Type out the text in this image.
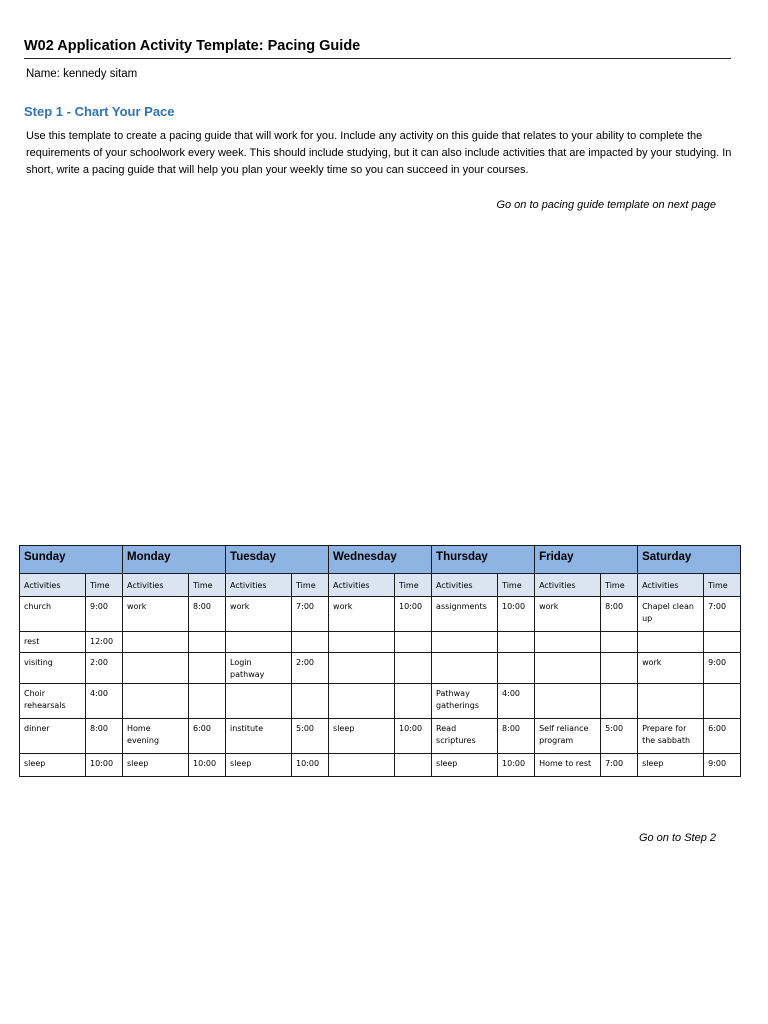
W02 Application Activity Template: Pacing Guide
Name: kennedy sitam
Step 1 - Chart Your Pace
Use this template to create a pacing guide that will work for you. Include any activity on this guide that relates to your ability to complete the requirements of your schoolwork every week. This should include studying, but it can also include activities that are impacted by your studying. In short, write a pacing guide that will help you plan your weekly time so you can succeed in your courses.
Go on to pacing guide template on next page
Sunday		Monday		Tuesday		Wednesday		Thursday		Friday		Saturday	
Activities	Time	Activities	Time	Activities	Time	Activities	Time	Activities	Time	Activities	Time	Activities	Time
church	9:00	work	8:00	work	7:00	work	10:00	assignments	10:00	work	8:00	Chapel clean up	7:00
rest	12:00												
visiting	2:00			Login pathway	2:00							work	9:00
Choir rehearsals	4:00							Pathway gatherings	4:00				
dinner	8:00	Home evening	6:00	institute	5:00	sleep	10:00	Read scriptures	8:00	Self reliance program	5:00	Prepare for the sabbath	6:00
sleep	10:00	sleep	10:00	sleep	10:00			sleep	10:00	Home to rest	7:00	sleep	9:00
Go on to Step 2
